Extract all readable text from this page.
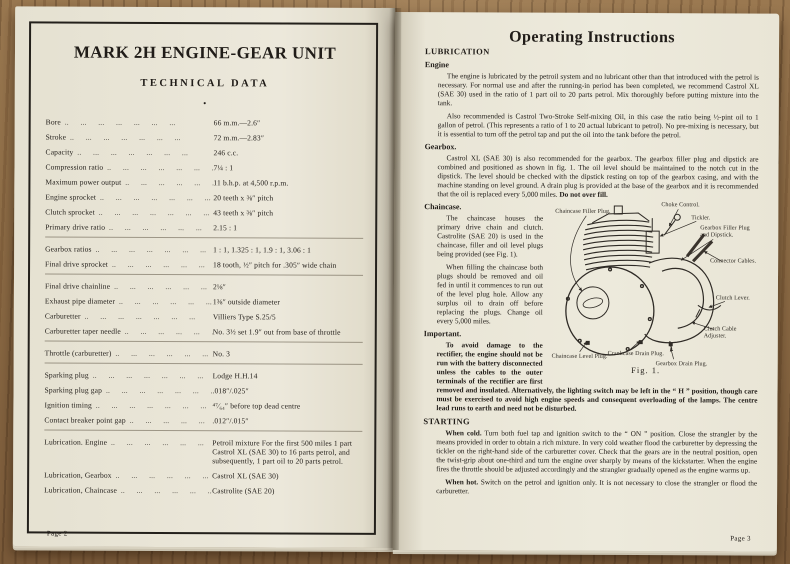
MARK 2H ENGINE-GEAR UNIT
TECHNICAL DATA
•
Bore ..   	66 m.m.—2.6″
Stroke ..   	72 m.m.—2.83″
Capacity ..   	246 c.c.
Compression ratio ..   	7¼ : 1
Maximum power output ..   	11 b.h.p. at 4,500 r.p.m.
Engine sprocket ..   	20 teeth x ⅜″ pitch
Clutch sprocket ..   	43 teeth x ⅜″ pitch
Primary drive ratio ..   	2.15 : 1
Gearbox ratios ..   	1 : 1, 1.325 : 1, 1.9 : 1, 3.06 : 1
Final drive sprocket ..   	18 tooth, ½″ pitch for .305″ wide chain
Final drive chainline ..   	2⅛″
Exhaust pipe diameter ..   	1⅜″ outside diameter
Carburetter ..   	Villiers Type S.25/5
Carburetter taper needle ..   	No. 3½ set 1.9″ out from base of throttle
Throttle (carburetter) ..   	No. 3
Sparking plug ..   	Lodge H.H.14
Sparking plug gap ..   	.018″/.025″
Ignition timing ..   	⁴⁷⁄₆₄″ before top dead centre
Contact breaker point gap ..   	.012″/.015″
Lubrication. Engine ..   	Petroil mixture For the first 500 miles 1 part Castrol XL (SAE 30) to 16 parts petrol, and subsequently, 1 part oil to 20 parts petrol.
Lubrication, Gearbox ..   	Castrol XL (SAE 30)
Lubrication, Chaincase ..   	Castrolite (SAE 20)
Page 2
Operating Instructions
LUBRICATION
Engine

The engine is lubricated by the petroil system and no lubricant other than that introduced with the petrol is necessary. For normal use and after the running-in period has been completed, we recommend Castrol XL (SAE 30) used in the ratio of 1 part oil to 20 parts petrol. Mix thoroughly before putting mixture into the tank.

Also recommended is Castrol Two-Stroke Self-mixing Oil, in this case the ratio being ½-pint oil to 1 gallon of petrol. (This represents a ratio of 1 to 20 actual lubricant to petrol). No pre-mixing is necessary, but it is essential to turn off the petrol tap and put the oil into the tank before the petrol.

Gearbox.

Castrol XL (SAE 30) is also recommended for the gearbox. The gearbox filler plug and dipstick are combined and positioned as shown in fig. 1. The oil level should be maintained to the notch cut in the dipstick. The level should be checked with the dipstick resting on top of the gearbox casing, and with the machine standing on level ground. A drain plug is provided at the base of the gearbox and it is recommended that the oil is replaced every 5,000 miles. Do not over fill.

Choke Control.
Tickler.
Chaincase Filler Plug.
Gearbox Filler Plug and Dipstick.
Connector Cables.
Clutch Lever.
Clutch Cable Adjuster.
Chaincase Level Plug. Crankcase Drain Plug.
Gearbox Drain Plug.
Fig. 1.
Chaincase.

The chaincase houses the primary drive chain and clutch. Castrolite (SAE 20) is used in the chaincase, filler and oil level plugs being provided (see Fig. 1).

When filling the chaincase both plugs should be removed and oil fed in until it commences to run out of the level plug hole. Allow any surplus oil to drain off before replacing the plugs. Change oil every 5,000 miles.

Important.

To avoid damage to the rectifier, the engine should not be run with the battery disconnected unless the cables to the outer terminals of the rectifier are first removed and insulated. Alternatively, the lighting switch may be left in the “ H ” position, though care must be exercised to avoid high engine speeds and consequent overloading of the lamps. The centre lead runs to earth and need not be disturbed.

STARTING

When cold. Turn both fuel tap and ignition switch to the “ ON ” position. Close the strangler by the means provided in order to obtain a rich mixture. In very cold weather flood the carburetter by depressing the tickler on the right-hand side of the carburetter cover. Check that the gears are in the neutral position, open the twist-grip about one-third and turn the engine over sharply by means of the kickstarter. When the engine fires the throttle should be adjusted accordingly and the strangler gradually opened as the engine warms up.

When hot. Switch on the petrol and ignition only. It is not necessary to close the strangler or flood the carburetter.

Page 3
